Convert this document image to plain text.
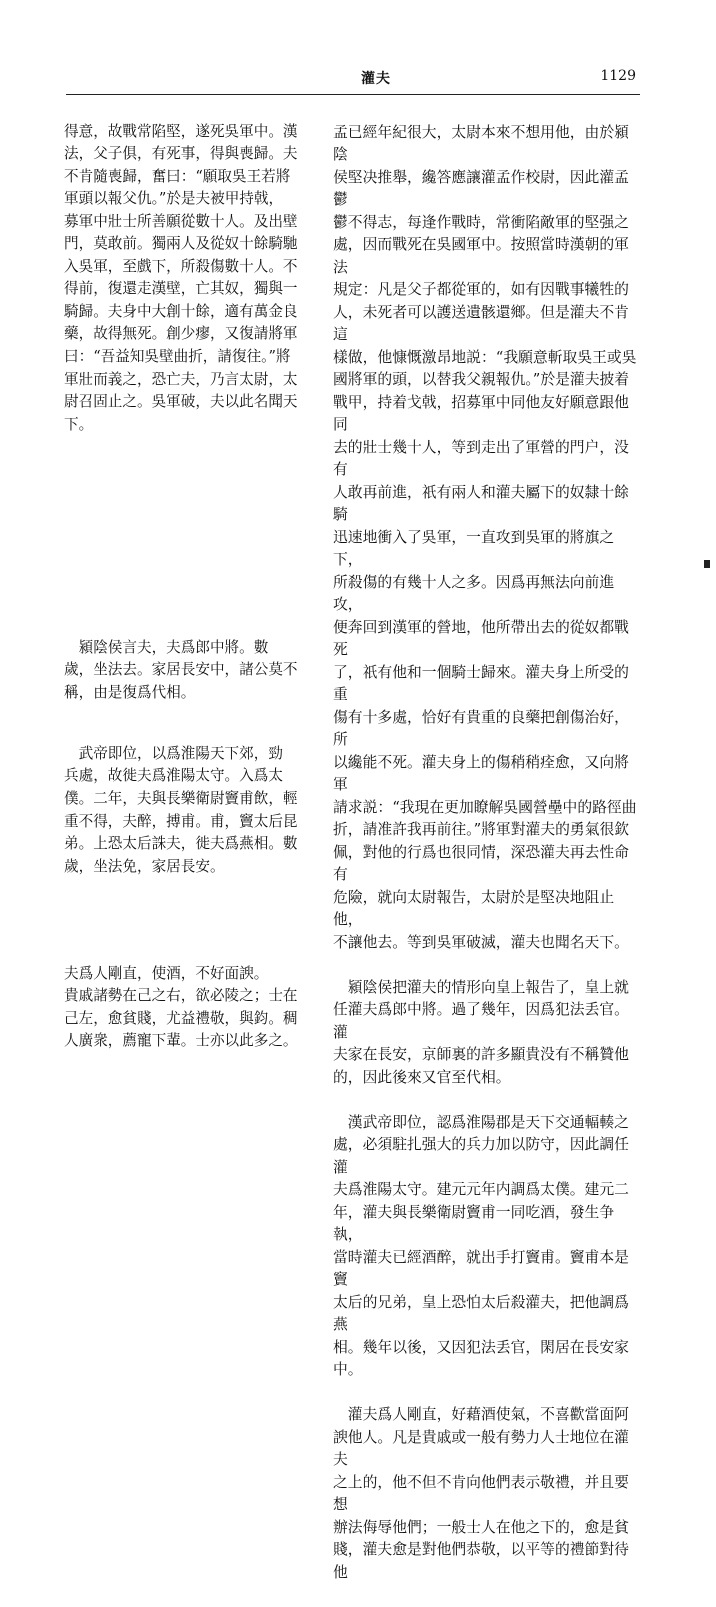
灌夫	1129

得意，故戰常陷堅，遂死吳軍中。漢
法，父子俱，有死事，得與喪歸。夫
不肯隨喪歸，奮曰：“願取吳王若將
軍頭以報父仇。”於是夫被甲持戟，
募軍中壯士所善願從數十人。及出壁
門，莫敢前。獨兩人及從奴十餘騎馳
入吳軍，至戲下，所殺傷數十人。不
得前，復還走漢壁，亡其奴，獨與一
騎歸。夫身中大創十餘，適有萬金良
藥，故得無死。創少瘳，又復請將軍
曰：“吾益知吳壁曲折，請復往。”將
軍壯而義之，恐亡夫，乃言太尉，太
尉召固止之。吳軍破，夫以此名聞天
下。

　潁陰侯言夫，夫爲郎中將。數
歲，坐法去。家居長安中，諸公莫不
稱，由是復爲代相。

　武帝即位，以爲淮陽天下郊，勁
兵處，故徙夫爲淮陽太守。入爲太
僕。二年，夫與長樂衛尉竇甫飲，輕
重不得，夫醉，搏甫。甫，竇太后昆
弟。上恐太后誅夫，徙夫爲燕相。數
歲，坐法免，家居長安。

夫爲人剛直，使酒，不好面諛。
貴戚諸勢在己之右，欲必陵之；士在
己左，愈貧賤，尤益禮敬，與鈞。稠
人廣衆，薦寵下輩。士亦以此多之。

孟已經年紀很大，太尉本來不想用他，由於潁陰
侯堅决推舉，纔答應讓灌孟作校尉，因此灌孟鬱
鬱不得志，每逢作戰時，常衝陷敵軍的堅强之
處，因而戰死在吳國軍中。按照當時漢朝的軍法
規定：凡是父子都從軍的，如有因戰事犧牲的
人，未死者可以護送遺骸還鄉。但是灌夫不肯這
樣做，他慷慨激昂地説：“我願意斬取吳王或吳
國將軍的頭，以替我父親報仇。”於是灌夫披着
戰甲，持着戈戟，招募軍中同他友好願意跟他同
去的壯士幾十人，等到走出了軍營的門户，没有
人敢再前進，祇有兩人和灌夫屬下的奴隸十餘騎
迅速地衝入了吳軍，一直攻到吳軍的將旗之下，
所殺傷的有幾十人之多。因爲再無法向前進攻，
便奔回到漢軍的營地，他所帶出去的從奴都戰死
了，祇有他和一個騎士歸來。灌夫身上所受的重
傷有十多處，恰好有貴重的良藥把創傷治好，所
以纔能不死。灌夫身上的傷稍稍痊愈，又向將軍
請求説：“我現在更加瞭解吳國營壘中的路徑曲
折，請准許我再前往。”將軍對灌夫的勇氣很欽
佩，對他的行爲也很同情，深恐灌夫再去性命有
危險，就向太尉報告，太尉於是堅决地阻止他，
不讓他去。等到吳軍破滅，灌夫也聞名天下。

　潁陰侯把灌夫的情形向皇上報告了，皇上就
任灌夫爲郎中將。過了幾年，因爲犯法丢官。灌
夫家在長安，京師裏的許多顯貴没有不稱贊他
的，因此後來又官至代相。

　漢武帝即位，認爲淮陽郡是天下交通輻輳之
處，必須駐扎强大的兵力加以防守，因此調任灌
夫爲淮陽太守。建元元年内調爲太僕。建元二
年，灌夫與長樂衛尉竇甫一同吃酒，發生争執，
當時灌夫已經酒醉，就出手打竇甫。竇甫本是竇
太后的兄弟，皇上恐怕太后殺灌夫，把他調爲燕
相。幾年以後，又因犯法丢官，閑居在長安家
中。

　灌夫爲人剛直，好藉酒使氣，不喜歡當面阿
諛他人。凡是貴戚或一般有勢力人士地位在灌夫
之上的，他不但不肯向他們表示敬禮，并且要想
辦法侮辱他們；一般士人在他之下的，愈是貧
賤，灌夫愈是對他們恭敬，以平等的禮節對待他
